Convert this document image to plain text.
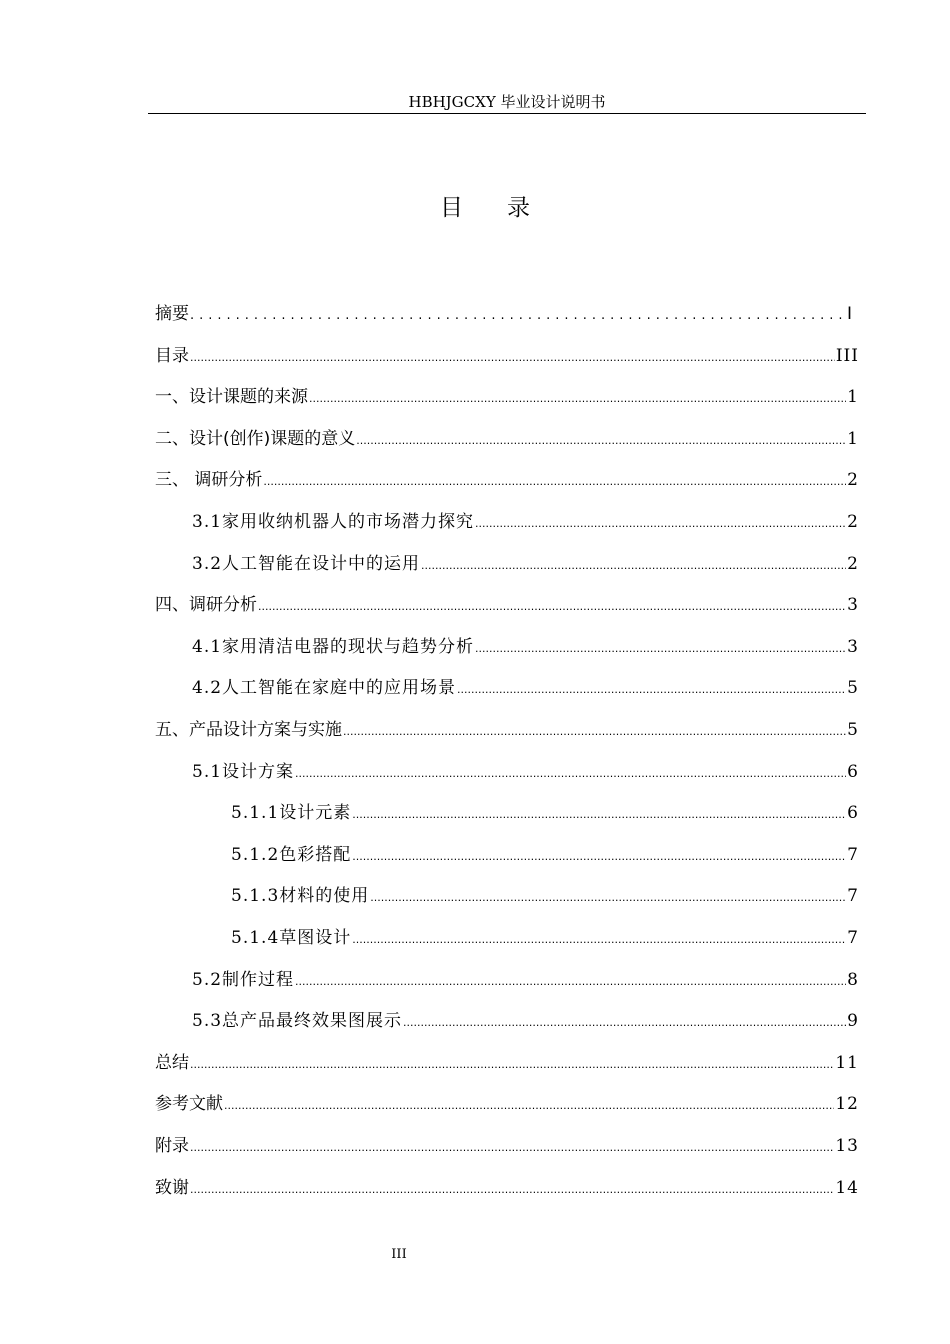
HBHJGCXY 毕业设计说明书
目录
摘要 .....	I
目录 .....	III
一、设计课题的来源 .....	1
二、设计(创作)课题的意义 .....	1
三、 调研分析 .....	2
3.1家用收纳机器人的市场潜力探究 .....	2
3.2人工智能在设计中的运用 .....	2
四、调研分析 .....	3
4.1家用清洁电器的现状与趋势分析 .....	3
4.2人工智能在家庭中的应用场景 .....	5
五、产品设计方案与实施 .....	5
5.1设计方案 .....	6
5.1.1设计元素 .....	6
5.1.2色彩搭配 .....	7
5.1.3材料的使用 .....	7
5.1.4草图设计 .....	7
5.2制作过程 .....	8
5.3总产品最终效果图展示 .....	9
总结 .....	11
参考文献 .....	12
附录 .....	13
致谢 .....	14
III
